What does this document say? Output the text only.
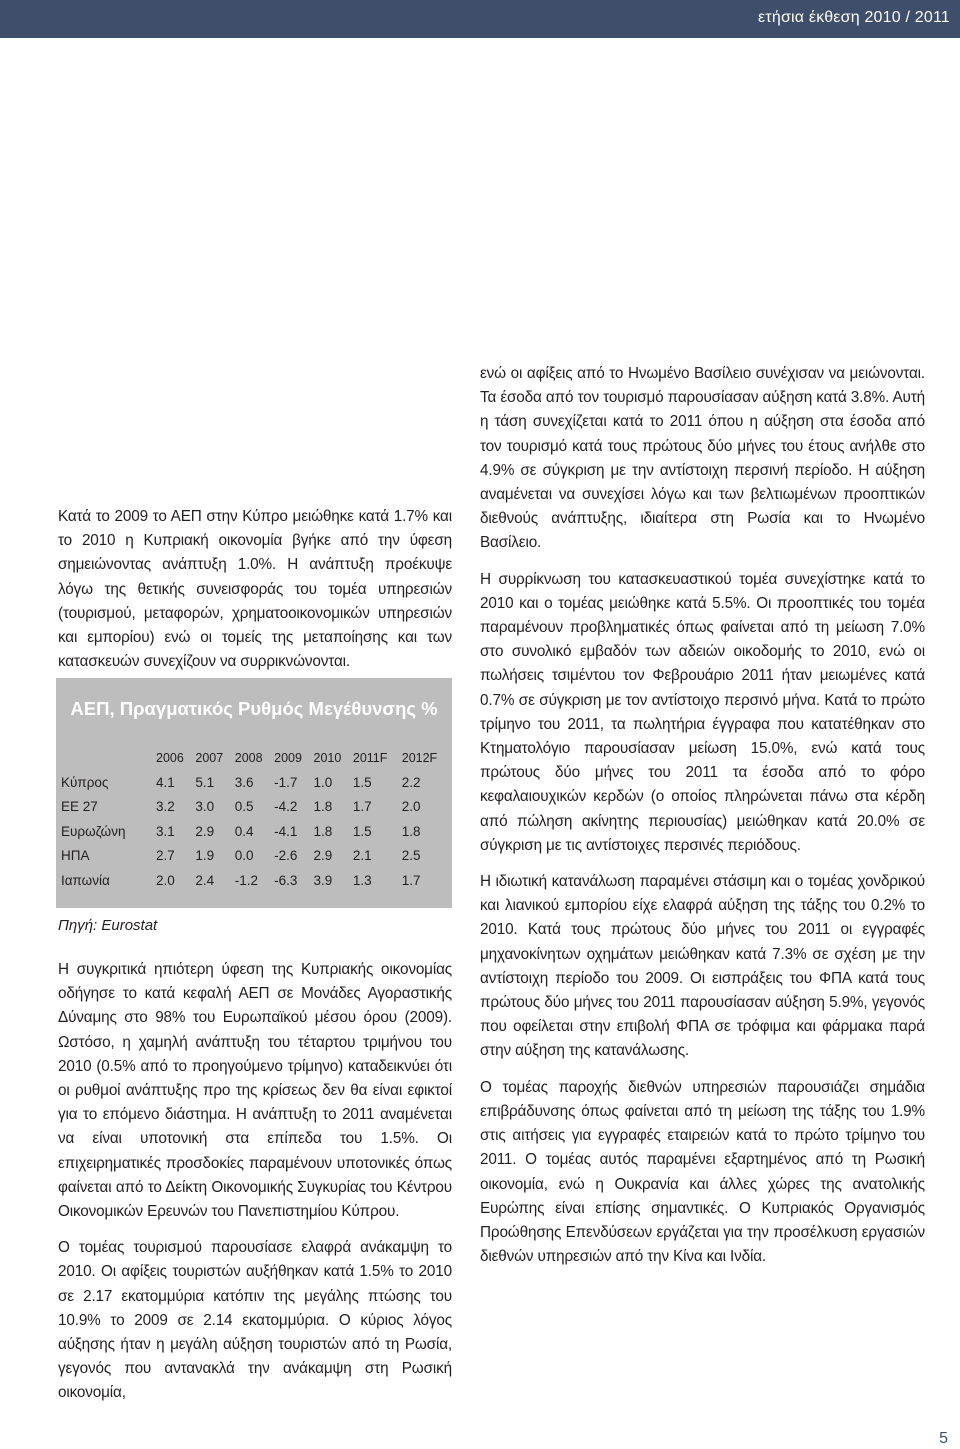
ετήσια έκθεση 2010 / 2011

Κατά το 2009 το ΑΕΠ στην Κύπρο μειώθηκε κατά 1.7% και το 2010 η Κυπριακή οικονομία βγήκε από την ύφεση σημειώνοντας ανάπτυξη 1.0%. Η ανάπτυξη προέκυψε λόγω της θετικής συνεισφοράς του τομέα υπηρεσιών (τουρισμού, μεταφορών, χρηματοοικονομικών υπηρεσιών και εμπορίου) ενώ οι τομείς της μεταποίησης και των κατασκευών συνεχίζουν να συρρικνώνονται.

ΑΕΠ, Πραγματικός Ρυθμός Μεγέθυνσης %
	2006	2007	2008	2009	2010	2011F	2012F
Κύπρος	4.1	5.1	3.6	-1.7	1.0	1.5	2.2
ΕΕ 27	3.2	3.0	0.5	-4.2	1.8	1.7	2.0
Ευρωζώνη	3.1	2.9	0.4	-4.1	1.8	1.5	1.8
ΗΠΑ	2.7	1.9	0.0	-2.6	2.9	2.1	2.5
Ιαπωνία	2.0	2.4	-1.2	-6.3	3.9	1.3	1.7
Πηγή: Eurostat

Η συγκριτικά ηπιότερη ύφεση της Κυπριακής οικονομίας οδήγησε το κατά κεφαλή ΑΕΠ σε Μονάδες Αγοραστικής Δύναμης στο 98% του Ευρωπαϊκού μέσου όρου (2009). Ωστόσο, η χαμηλή ανάπτυξη του τέταρτου τριμήνου του 2010 (0.5% από το προηγούμενο τρίμηνο) καταδεικνύει ότι οι ρυθμοί ανάπτυξης προ της κρίσεως δεν θα είναι εφικτοί για το επόμενο διάστημα. Η ανάπτυξη το 2011 αναμένεται να είναι υποτονική στα επίπεδα του 1.5%. Οι επιχειρηματικές προσδοκίες παραμένουν υποτονικές όπως φαίνεται από το Δείκτη Οικονομικής Συγκυρίας του Κέντρου Οικονομικών Ερευνών του Πανεπιστημίου Κύπρου.

Ο τομέας τουρισμού παρουσίασε ελαφρά ανάκαμψη το 2010. Οι αφίξεις τουριστών αυξήθηκαν κατά 1.5% το 2010 σε 2.17 εκατομμύρια κατόπιν της μεγάλης πτώσης του 10.9% το 2009 σε 2.14 εκατομμύρια. Ο κύριος λόγος αύξησης ήταν η μεγάλη αύξηση τουριστών από τη Ρωσία, γεγονός που αντανακλά την ανάκαμψη στη Ρωσική οικονομία,

ενώ οι αφίξεις από το Ηνωμένο Βασίλειο συνέχισαν να μειώνονται. Τα έσοδα από τον τουρισμό παρουσίασαν αύξηση κατά 3.8%. Αυτή η τάση συνεχίζεται κατά το 2011 όπου η αύξηση στα έσοδα από τον τουρισμό κατά τους πρώτους δύο μήνες του έτους ανήλθε στο 4.9% σε σύγκριση με την αντίστοιχη περσινή περίοδο. Η αύξηση αναμένεται να συνεχίσει λόγω και των βελτιωμένων προοπτικών διεθνούς ανάπτυξης, ιδιαίτερα στη Ρωσία και το Ηνωμένο Βασίλειο.

Η συρρίκνωση του κατασκευαστικού τομέα συνεχίστηκε κατά το 2010 και ο τομέας μειώθηκε κατά 5.5%. Οι προοπτικές του τομέα παραμένουν προβληματικές όπως φαίνεται από τη μείωση 7.0% στο συνολικό εμβαδόν των αδειών οικοδομής το 2010, ενώ οι πωλήσεις τσιμέντου τον Φεβρουάριο 2011 ήταν μειωμένες κατά 0.7% σε σύγκριση με τον αντίστοιχο περσινό μήνα. Κατά το πρώτο τρίμηνο του 2011, τα πωλητήρια έγγραφα που κατατέθηκαν στο Κτηματολόγιο παρουσίασαν μείωση 15.0%, ενώ κατά τους πρώτους δύο μήνες του 2011 τα έσοδα από το φόρο κεφαλαιουχικών κερδών (ο οποίος πληρώνεται πάνω στα κέρδη από πώληση ακίνητης περιουσίας) μειώθηκαν κατά 20.0% σε σύγκριση με τις αντίστοιχες περσινές περιόδους.

Η ιδιωτική κατανάλωση παραμένει στάσιμη και ο τομέας χονδρικού και λιανικού εμπορίου είχε ελαφρά αύξηση της τάξης του 0.2% το 2010. Κατά τους πρώτους δύο μήνες του 2011 οι εγγραφές μηχανοκίνητων οχημάτων μειώθηκαν κατά 7.3% σε σχέση με την αντίστοιχη περίοδο του 2009. Οι εισπράξεις του ΦΠΑ κατά τους πρώτους δύο μήνες του 2011 παρουσίασαν αύξηση 5.9%, γεγονός που οφείλεται στην επιβολή ΦΠΑ σε τρόφιμα και φάρμακα παρά στην αύξηση της κατανάλωσης.

Ο τομέας παροχής διεθνών υπηρεσιών παρουσιάζει σημάδια επιβράδυνσης όπως φαίνεται από τη μείωση της τάξης του 1.9% στις αιτήσεις για εγγραφές εταιρειών κατά το πρώτο τρίμηνο του 2011. Ο τομέας αυτός παραμένει εξαρτημένος από τη Ρωσική οικονομία, ενώ η Ουκρανία και άλλες χώρες της ανατολικής Ευρώπης είναι επίσης σημαντικές. Ο Κυπριακός Οργανισμός Προώθησης Επενδύσεων εργάζεται για την προσέλκυση εργασιών διεθνών υπηρεσιών από την Κίνα και Ινδία.

5
